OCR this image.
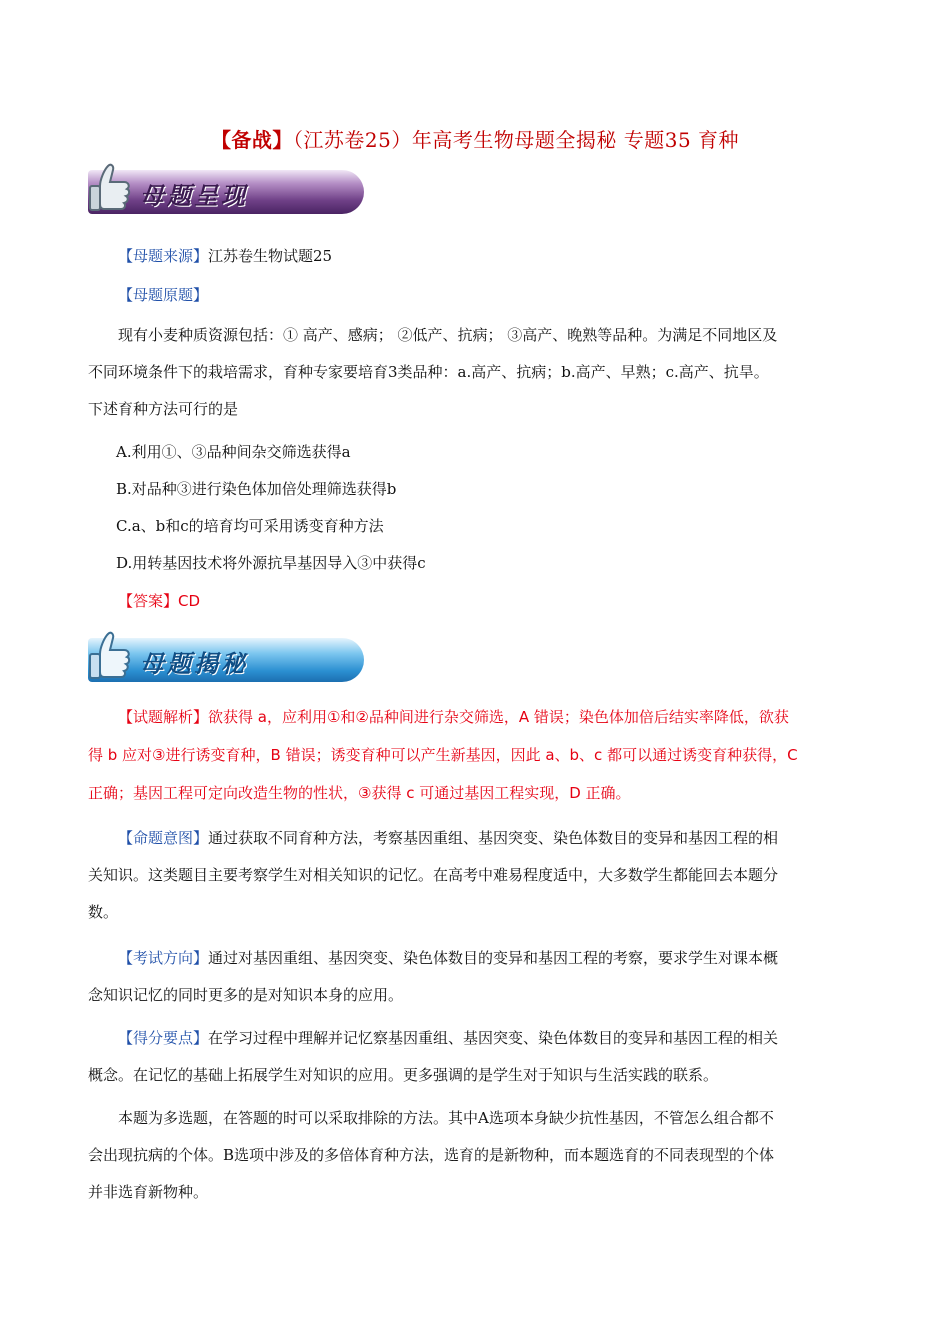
【备战】（江苏卷25）年高考生物母题全揭秘 专题35 育种
母题呈现
【母题来源】江苏卷生物试题25
【母题原题】
现有小麦种质资源包括：① 高产、感病； ②低产、抗病； ③高产、晚熟等品种。为满足不同地区及
不同环境条件下的栽培需求，育种专家要培育3类品种：a.高产、抗病；b.高产、早熟；c.高产、抗旱。
下述育种方法可行的是
A.利用①、③品种间杂交筛选获得a
B.对品种③进行染色体加倍处理筛选获得b
C.a、b和c的培育均可采用诱变育种方法
D.用转基因技术将外源抗旱基因导入③中获得c
【答案】CD
母题揭秘
【试题解析】欲获得 a，应利用①和②品种间进行杂交筛选，A 错误；染色体加倍后结实率降低，欲获
得 b 应对③进行诱变育种，B 错误；诱变育种可以产生新基因，因此 a、b、c 都可以通过诱变育种获得，C
正确；基因工程可定向改造生物的性状，③获得 c 可通过基因工程实现，D 正确。
【命题意图】通过获取不同育种方法，考察基因重组、基因突变、染色体数目的变异和基因工程的相
关知识。这类题目主要考察学生对相关知识的记忆。在高考中难易程度适中，大多数学生都能回去本题分
数。
【考试方向】通过对基因重组、基因突变、染色体数目的变异和基因工程的考察，要求学生对课本概
念知识记忆的同时更多的是对知识本身的应用。
【得分要点】在学习过程中理解并记忆察基因重组、基因突变、染色体数目的变异和基因工程的相关
概念。在记忆的基础上拓展学生对知识的应用。更多强调的是学生对于知识与生活实践的联系。
本题为多选题，在答题的时可以采取排除的方法。其中A选项本身缺少抗性基因，不管怎么组合都不
会出现抗病的个体。B选项中涉及的多倍体育种方法，选育的是新物种，而本题选育的不同表现型的个体
并非选育新物种。
